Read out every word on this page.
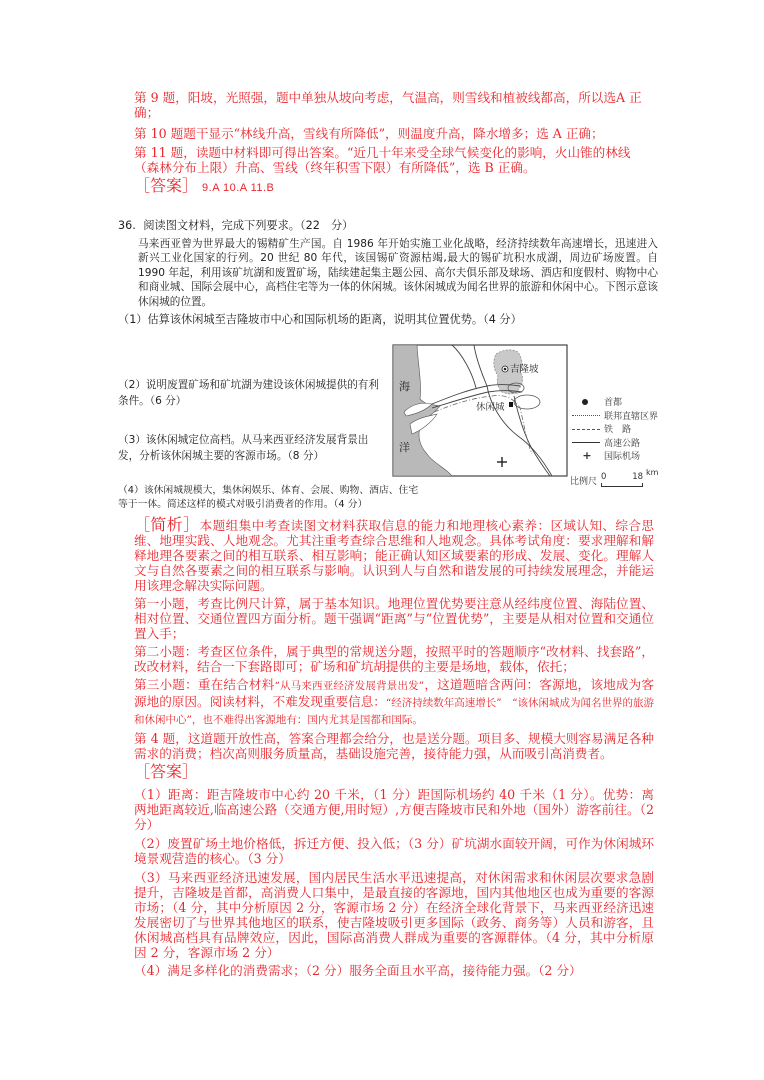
第 9 题，阳坡，光照强，题中单独从坡向考虑，气温高，则雪线和植被线都高，所以选A 正确；

第 10 题题干显示“林线升高，雪线有所降低”，则温度升高，降水增多；选 A 正确；

第 11 题，读题中材料即可得出答案。“近几十年来受全球气候变化的影响，火山锥的林线（森林分布上限）升高、雪线（终年积雪下限）有所降低”，选 B 正确。

［答案］ 9.A 10.A 11.B
36. 阅读图文材料，完成下列要求。（22　分）

马来西亚曾为世界最大的锡精矿生产国。自 1986 年开始实施工业化战略，经济持续数年高速增长，迅速进入新兴工业化国家的行列。20 世纪 80 年代，该国锡矿资源枯竭,最大的锡矿坑积水成湖，周边矿场废置。自 1990 年起，利用该矿坑湖和废置矿场，陆续建起集主题公园、高尔夫俱乐部及球场、酒店和度假村、购物中心和商业城、国际会展中心，高档住宅等为一体的休闲城。该休闲城成为闻名世界的旅游和休闲中心。下图示意该休闲城的位置。

（1）估算该休闲城至吉隆坡市中心和国际机场的距离，说明其位置优势。（4 分）

（2）说明废置矿场和矿坑湖为建设该休闲城提供的有利条件。（6 分）

（3）该休闲城定位高档。从马来西亚经济发展背景出发，分析该休闲城主要的客源市场。（8 分）

（4）该休闲城规模大，集休闲娱乐、体育、会展、购物、酒店、住宅等于一体。简述这样的模式对吸引消费者的作用。（4 分）

海
洋
吉隆坡
休闲城	首都
联邦直辖区界
铁　路
高速公路
+	国际机场
比例尺 0	18 km
［简析］本题组集中考查读图文材料获取信息的能力和地理核心素养：区域认知、综合思维、地理实践、人地观念。尤其注重考查综合思维和人地观念。具体考试角度：要求理解和解释地理各要素之间的相互联系、相互影响；能正确认知区域要素的形成、发展、变化。理解人文与自然各要素之间的相互联系与影响。认识到人与自然和谐发展的可持续发展理念，并能运用该理念解决实际问题。

第一小题，考查比例尺计算，属于基本知识。地理位置优势要注意从经纬度位置、海陆位置、相对位置、交通位置四方面分析。题干强调“距离”与“位置优势”，主要是从相对位置和交通位置入手；

第二小题：考查区位条件，属于典型的常规送分题，按照平时的答题顺序“改材料、找套路”，改改材料，结合一下套路即可；矿场和矿坑胡提供的主要是场地，载体，依托；

第三小题：重在结合材料“从马来西亚经济发展背景出发”，这道题暗含两问：客源地，该地成为客源地的原因。阅读材料，不难发现重要信息：“经济持续数年高速增长”　“该休闲城成为闻名世界的旅游和休闲中心”，也不难得出客源地有：国内尤其是国都和国际。

第 4 题，这道题开放性高，答案合理都会给分，也是送分题。项目多、规模大则容易满足各种需求的消费；档次高则服务质量高，基础设施完善，接待能力强，从而吸引高消费者。

［答案］

（1）距离：距吉隆坡市中心约 20 千米，（1 分）距国际机场约 40 千米（1 分）。优势：离两地距离较近,临高速公路（交通方便,用时短）,方便吉隆坡市民和外地（国外）游客前往。（2 分）

（2）废置矿场土地价格低，拆迁方便、投入低；（3 分）矿坑湖水面较开阔，可作为休闲城环境景观营造的核心。（3 分）

（3）马来西亚经济迅速发展，国内居民生活水平迅速提高，对休闲需求和休闲层次要求急剧提升，吉隆坡是首都，高消费人口集中，是最直接的客源地，国内其他地区也成为重要的客源市场；（4 分，其中分析原因 2 分，客源市场 2 分）在经济全球化背景下，马来西亚经济迅速发展密切了与世界其他地区的联系，使吉隆坡吸引更多国际（政务、商务等）人员和游客，且休闲城高档具有品牌效应，因此，国际高消费人群成为重要的客源群体。（4 分，其中分析原因 2 分，客源市场 2 分）

（4）满足多样化的消费需求；（2 分）服务全面且水平高，接待能力强。（2 分）
